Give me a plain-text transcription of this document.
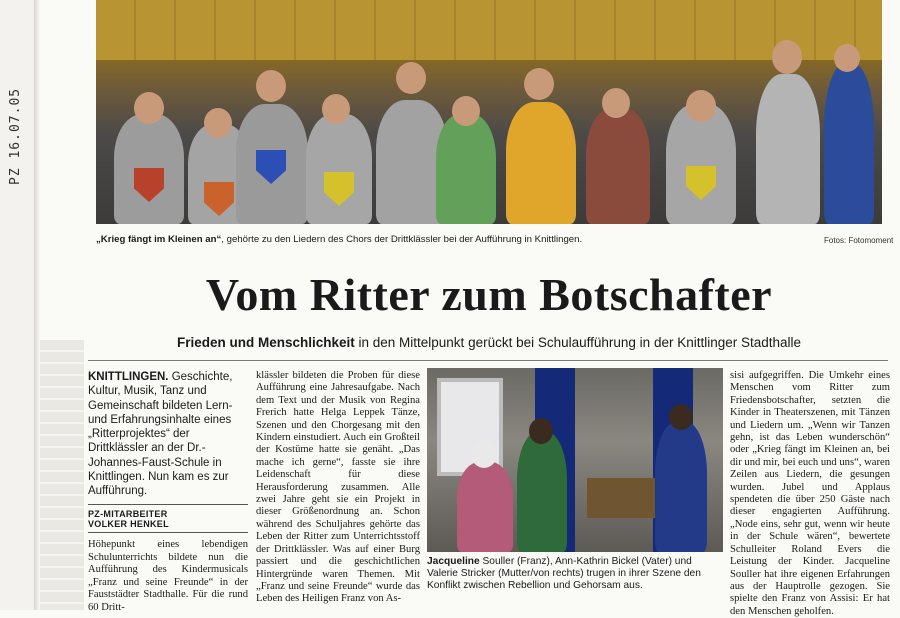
PZ 16.07.05
„Krieg fängt im Kleinen an“, gehörte zu den Liedern des Chors der Drittklässler bei der Aufführung in Knittlingen.	Fotos: Fotomoment
Vom Ritter zum Botschafter

Frieden und Menschlichkeit in den Mittelpunkt gerückt bei Schulaufführung in der Knittlinger Stadthalle

KNITTLINGEN. Geschichte, Kultur, Musik, Tanz und Gemeinschaft bildeten Lern- und Erfahrungsinhalte eines „Ritterprojektes“ der Drittklässler an der Dr.-Johannes-Faust-Schule in Knittlingen. Nun kam es zur Aufführung.

PZ-MITARBEITER
VOLKER HENKEL

Höhepunkt eines lebendigen Schulunterrichts bildete nun die Aufführung des Kindermusicals „Franz und seine Freunde“ in der Fauststädter Stadthalle. Für die rund 60 Dritt-

klässler bildeten die Proben für diese Aufführung eine Jahresaufgabe. Nach dem Text und der Musik von Regina Frerich hatte Helga Leppek Tänze, Szenen und den Chorgesang mit den Kindern einstudiert. Auch ein Großteil der Kostüme hatte sie genäht. „Das mache ich gerne“, fasste sie ihre Leidenschaft für diese Herausforderung zusammen. Alle zwei Jahre geht sie ein Projekt in dieser Größenordnung an. Schon während des Schuljahres gehörte das Leben der Ritter zum Unterrichtsstoff der Drittklässler. Was auf einer Burg passiert und die geschichtlichen Hintergründe waren Themen. Mit „Franz und seine Freunde“ wurde das Leben des Heiligen Franz von As-

Jacqueline Souller (Franz), Ann-Kathrin Bickel (Vater) und Valerie Stricker (Mutter/von rechts) trugen in ihrer Szene den Konflikt zwischen Rebellion und Gehorsam aus.

sisi aufgegriffen. Die Umkehr eines Menschen vom Ritter zum Friedensbotschafter, setzten die Kinder in Theaterszenen, mit Tänzen und Liedern um. „Wenn wir Tanzen gehn, ist das Leben wunderschön“ oder „Krieg fängt im Kleinen an, bei dir und mir, bei euch und uns“, waren Zeilen aus Liedern, die gesungen wurden. Jubel und Applaus spendeten die über 250 Gäste nach dieser engagierten Aufführung. „Node eins, sehr gut, wenn wir heute in der Schule wären“, bewertete Schulleiter Roland Evers die Leistung der Kinder. Jacqueline Souller hat ihre eigenen Erfahrungen aus der Hauptrolle gezogen. Sie spielte den Franz von Assisi: Er hat den Menschen geholfen.
